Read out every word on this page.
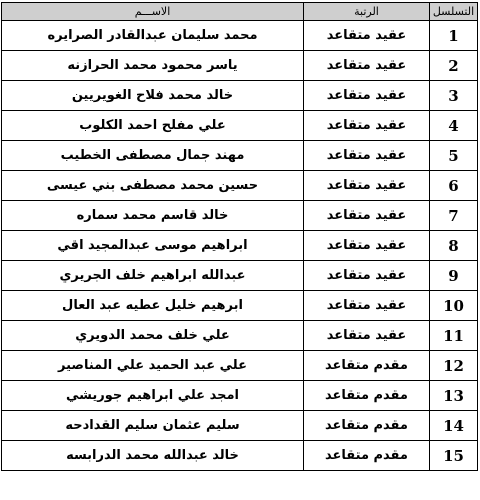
التسلسل	الرتبة	الاســـم
1	عقيد متقاعد	محمد سليمان عبدالقادر الصرايره
2	عقيد متقاعد	ياسر محمود محمد الحرازنه
3	عقيد متقاعد	خالد محمد فلاح الغويريين
4	عقيد متقاعد	علي مفلح احمد الكلوب
5	عقيد متقاعد	مهند جمال مصطفى الخطيب
6	عقيد متقاعد	حسين محمد مصطفى بني عيسى
7	عقيد متقاعد	خالد قاسم محمد سماره
8	عقيد متقاعد	ابراهيم موسى عبدالمجيد اقي
9	عقيد متقاعد	عبدالله ابراهيم خلف الجريري
10	عقيد متقاعد	ابرهيم خليل عطيه عبد العال
11	عقيد متقاعد	علي خلف محمد الدويري
12	مقدم متقاعد	علي عبد الحميد علي المناصير
13	مقدم متقاعد	امجد علي ابراهيم جوريشي
14	مقدم متقاعد	سليم عثمان سليم القدادحه
15	مقدم متقاعد	خالد عبدالله محمد الدرابسه
